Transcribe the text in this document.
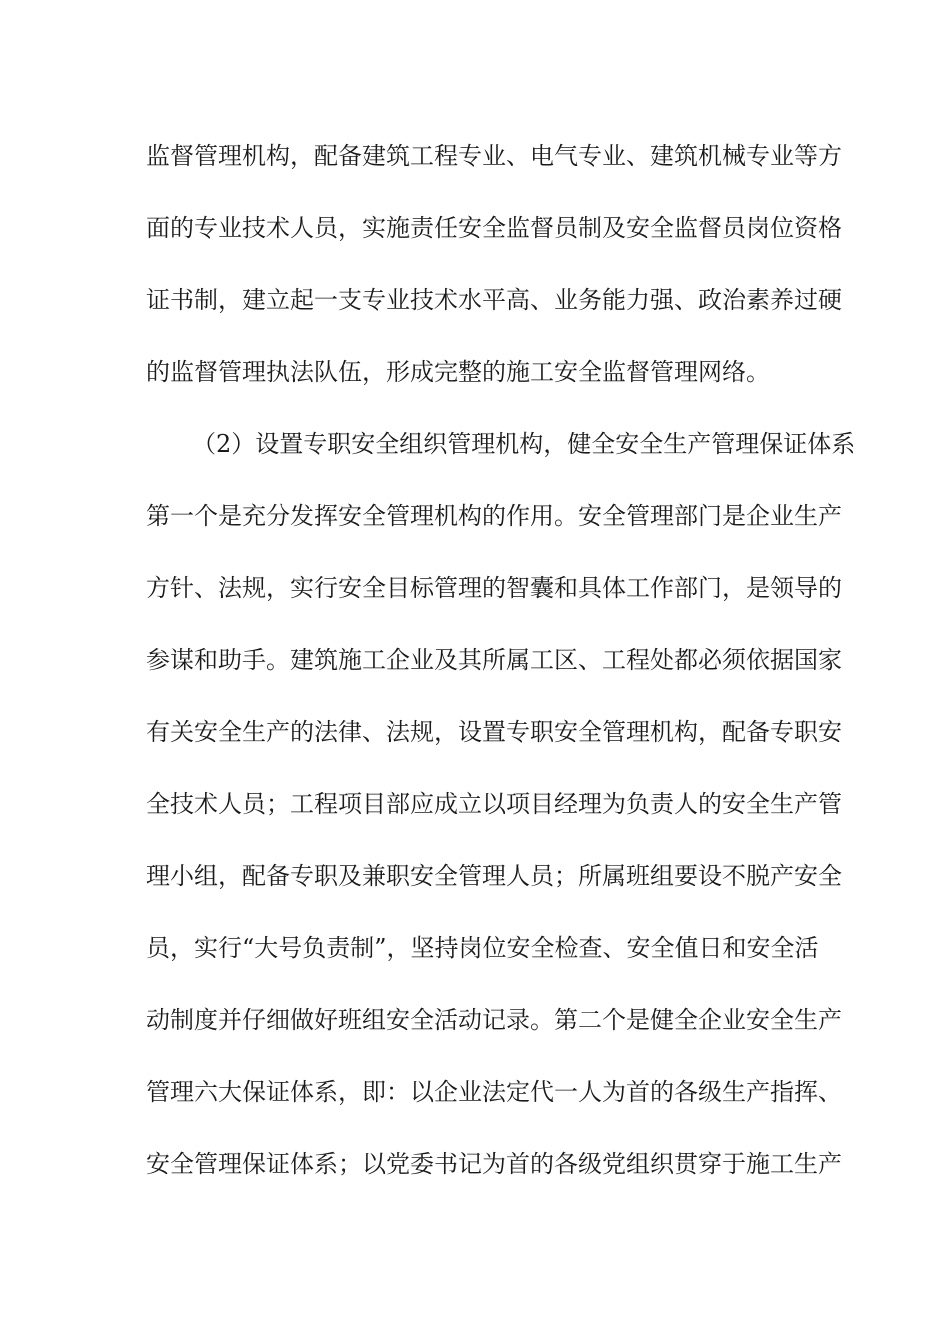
监督管理机构，配备建筑工程专业、电气专业、建筑机械专业等方
面的专业技术人员，实施责任安全监督员制及安全监督员岗位资格
证书制，建立起一支专业技术水平高、业务能力强、政治素养过硬
的监督管理执法队伍，形成完整的施工安全监督管理网络。
（2）设置专职安全组织管理机构，健全安全生产管理保证体系
第一个是充分发挥安全管理机构的作用。安全管理部门是企业生产
方针、法规，实行安全目标管理的智囊和具体工作部门，是领导的
参谋和助手。建筑施工企业及其所属工区、工程处都必须依据国家
有关安全生产的法律、法规，设置专职安全管理机构，配备专职安
全技术人员；工程项目部应成立以项目经理为负责人的安全生产管
理小组，配备专职及兼职安全管理人员；所属班组要设不脱产安全
员，实行“大号负责制”，坚持岗位安全检查、安全值日和安全活
动制度并仔细做好班组安全活动记录。第二个是健全企业安全生产
管理六大保证体系，即：以企业法定代一人为首的各级生产指挥、
安全管理保证体系；以党委书记为首的各级党组织贯穿于施工生产
